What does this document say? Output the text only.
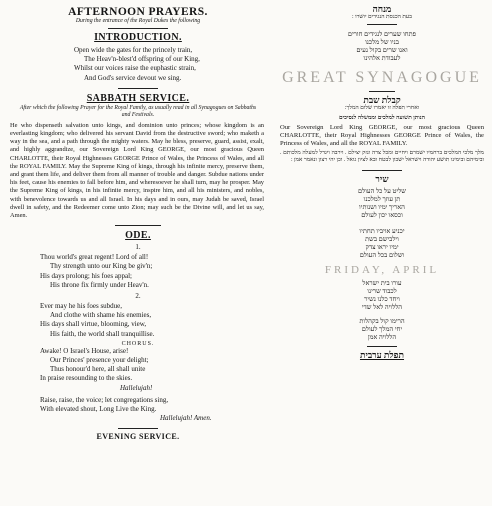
AFTERNOON PRAYERS.
During the entrance of the Royal Dukes the following
INTRODUCTION.
Open wide the gates for the princely train,
The Heav'n-blest'd offspring of our King,
Whilst our voices raise the euphastic strain,
And God's service devout we sing.
SABBATH SERVICE.
After which the following Prayer for the Royal Family, as usually read in all Synagogues on Sabbaths and Festivals.
He who dispenseth salvation unto kings, and dominion unto princes; whose kingdom is an everlasting kingdom; who delivered his servant David from the destructive sword; who maketh a way in the sea, and a path through the mighty waters. May he bless, preserve, guard, assist, exalt, and highly aggrandize, our Sovereign Lord King GEORGE, our most gracious Queen CHARLOTTE, their Royal Highnesses GEORGE Prince of Wales, the Princess of Wales, and all the ROYAL FAMILY. May the Supreme King of kings, through his infinite mercy, preserve them, and grant them life, and deliver them from all manner of trouble and danger. Subdue nations under his feet, cause his enemies to fall before him, and wheresoever he shall turn, may he prosper. May the Supreme King of kings, in his infinite mercy, inspire him, and all his ministers, and nobles, with benevolence towards us and all Israel. In his days and in ours, may Judah be saved, Israel dwell in safety, and the Redeemer come unto Zion; may such be the Divine will, and let us say, Amen.
ODE.
1.
Thou world's great regent! Lord of all!
Thy strength unto our King be giv'n;
His days prolong; his foes appal;
His throne fix firmly under Heav'n.
2.
Ever may he his foes subdue,
And clothe with shame his enemies,
His days shall virtue, blooming, view,
His faith, the world shall tranquillise.
CHORUS.
Awake! O Israel's House, arise!
Our Princes' presence your delight;
Thus honour'd here, all shall unite
In praise resounding to the skies.
Hallelujah!
Raise, raise, the voice; let congregations sing,
With elevated shout, Long Live the King.
Hallelujah! Amen.
EVENING SERVICE.
מנחה
בעת הכנסת הנגידים יושרו :
פתחו שערים לנגידים חורים
בניו של מלכנו
ואנו שרים בקול נעים
לעבודת אלהינו
GREAT SYNAGOGUE
קבלת שבת
ואחרי תפלה זו יאמרו שלום המלך:
הנותן תשועה למלכים וממשלה לנסיכים
Our Sovereign Lord King GEORGE, our most gracious Queen CHARLOTTE, their Royal Highnesses GEORGE Prince of Wales, the Princess of Wales, and all the ROYAL FAMILY.
מלך מלכי המלכים ברחמיו ישמרם ויחיים ומכל צרה ונזק יצילם . וירבה ויגדל למעלה מלכותם . ובימיהם ובימינו תושע יהודה וישראל ישכון לבטח ובא לציון גואל . וכן יהי רצון ונאמר אמן :
שיר
שליט על כל העולם
תן עוזך למלכנו
האריך ימיו ושנותיו
וכסאו יכון לעולם
יכניע אויביו תחתיו
וילבישם בשת
ימיו יראו צדק
ושלום בכל העולם
FRIDAY, APRIL
עורו בית ישראל
לכבוד שרינו
ויחד כלנו נשיר
הללויה לאל שדי
הרימו קול בקהלות
יחי המלך לעולם
הללויה אמן
תפלת ערבית
